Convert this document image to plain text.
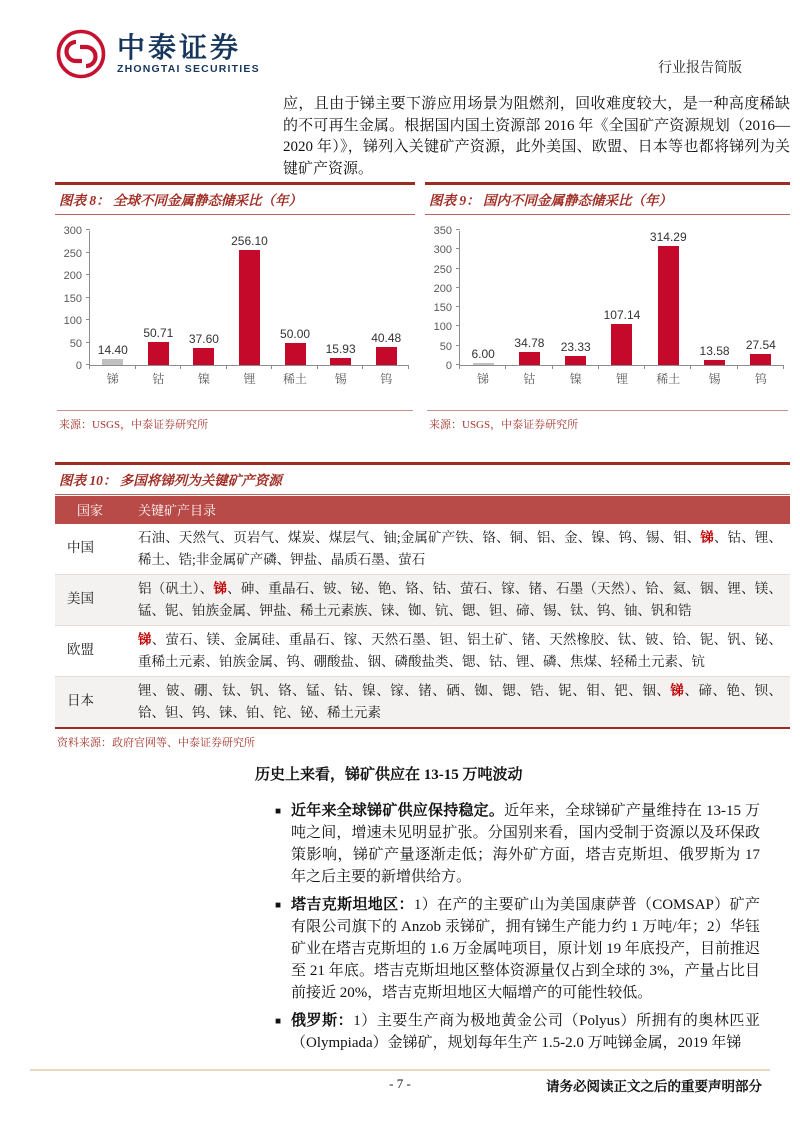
中泰证券
ZHONGTAI SECURITIES	行业报告简版
应，且由于锑主要下游应用场景为阻燃剂，回收难度较大，是一种高度稀缺的不可再生金属。根据国内国土资源部 2016 年《全国矿产资源规划（2016—2020 年）》，锑列入关键矿产资源，此外美国、欧盟、日本等也都将锑列为关键矿产资源。
图表 8： 全球不同金属静态储采比（年）
0
50
100
150
200
250
300
14.40
锑
50.71
钴
37.60
镍
256.10
锂
50.00
稀土
15.93
锡
40.48
钨
来源：USGS，中泰证券研究所
图表 9： 国内不同金属静态储采比（年）
0
50
100
150
200
250
300
350
6.00
锑
34.78
钴
23.33
镍
107.14
锂
314.29
稀土
13.58
锡
27.54
钨
来源：USGS，中泰证券研究所
图表 10： 多国将锑列为关键矿产资源
国家	关键矿产目录
中国
石油、天然气、页岩气、煤炭、煤层气、铀;金属矿产铁、铬、铜、铝、金、镍、钨、锡、钼、锑、钴、锂、稀土、锆;非金属矿产磷、钾盐、晶质石墨、萤石
美国
铝（矾土）、锑、砷、重晶石、铍、铋、铯、铬、钴、萤石、镓、锗、石墨（天然）、铪、氦、铟、锂、镁、锰、铌、铂族金属、钾盐、稀土元素族、铼、铷、钪、锶、钽、碲、锡、钛、钨、铀、钒和锆
欧盟
锑、萤石、镁、金属硅、重晶石、镓、天然石墨、钽、铝土矿、锗、天然橡胶、钛、铍、铪、铌、钒、铋、重稀土元素、铂族金属、钨、硼酸盐、铟、磷酸盐类、锶、钴、锂、磷、焦煤、轻稀土元素、钪
日本
锂、铍、硼、钛、钒、铬、锰、钴、镍、镓、锗、硒、铷、锶、锆、铌、钼、钯、铟、锑、碲、铯、钡、铪、钽、钨、铼、铂、铊、铋、稀土元素
资料来源：政府官网等、中泰证券研究所
历史上来看，锑矿供应在 13-15 万吨波动
■ 近年来全球锑矿供应保持稳定。近年来，全球锑矿产量维持在 13-15 万吨之间，增速未见明显扩张。分国别来看，国内受制于资源以及环保政策影响，锑矿产量逐渐走低；海外矿方面，塔吉克斯坦、俄罗斯为 17 年之后主要的新增供给方。
■ 塔吉克斯坦地区：1）在产的主要矿山为美国康萨普（COMSAP）矿产有限公司旗下的 Anzob 汞锑矿，拥有锑生产能力约 1 万吨/年；2）华钰矿业在塔吉克斯坦的 1.6 万金属吨项目，原计划 19 年底投产，目前推迟至 21 年底。塔吉克斯坦地区整体资源量仅占到全球的 3%，产量占比目前接近 20%，塔吉克斯坦地区大幅增产的可能性较低。
■ 俄罗斯：1）主要生产商为极地黄金公司（Polyus）所拥有的奥林匹亚（Olympiada）金锑矿，规划每年生产 1.5-2.0 万吨锑金属，2019 年锑
- 7 -	请务必阅读正文之后的重要声明部分
